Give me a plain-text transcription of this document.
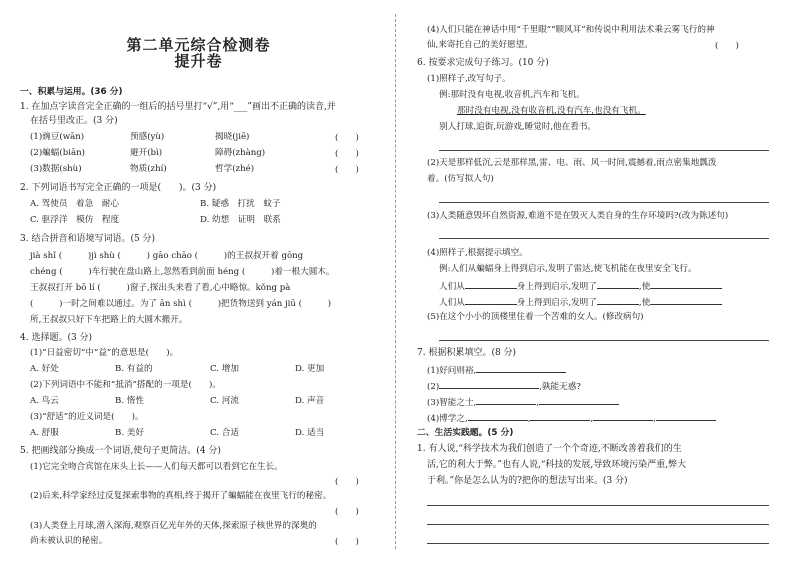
第二单元综合检测卷
提升卷
一、积累与运用。(36 分)
1. 在加点字读音完全正确的一组后的括号里打“√”,用“___”画出不正确的读音,并
在括号里改正。(3 分)
(1)豌豆(wān)	预感(yù)	揭晓(jiē)	(　　)
(2)蝙蝠(biān)	避开(bì)	障碍(zhàng)	(　　)
(3)数据(shù)	物质(zhí)	哲学(zhé)	(　　)
2. 下列词语书写完全正确的一项是(　　)。(3 分)
A. 驾使员　着急　耐心	B. 疑惑　打扰　蚊子
C. 驱浮洋　模仿　程度	D. 幼想　证明　联系
3. 结合拼音和语境写词语。(5 分)
jià shǐ (　　　)jì shù (　　　) gāo chāo (　　　)的王叔叔开着 gōng
chéng (　　　)车行驶在盘山路上,忽然看到前面 héng (　　　)着一根大圆木。
王叔叔打开 bō lí (　　　)窗子,探出头来看了看,心中略惊。kǒng pà
(　　　)一时之间难以通过。为了 ān shì (　　　)把货物送到 yán jiū (　　　)
所,王叔叔只好下车把路上的大圆木搬开。
4. 选择题。(3 分)
(1)“日益密切”中“益”的意思是(　　)。
A. 好处	B. 有益的	C. 增加	D. 更加
(2)下列词语中不能和“抵消”搭配的一项是(　　)。
A. 鸟云	B. 惰性	C. 河流	D. 声音
(3)“舒适”的近义词是(　　)。
A. 舒服	B. 美好	C. 合适	D. 适当
5. 把画线部分换成一个词语,使句子更简洁。(4 分)
(1)它完全吻合宾馆在床头上长——人们每天都可以看到它在生长。
(　　)
(2)后来,科学家经过反复探索事物的真相,终于揭开了蝙蝠能在夜里飞行的秘密。
(　　)
(3)人类登上月球,潜入深海,观察百亿光年外的天体,探索原子核世界的深奥的
尚未被认识的秘密。	(　　)
(4)人们只能在神话中用“千里眼”“顺风耳”和传说中利用法术乘云雾飞行的神
仙,来寄托自己的美好愿望。	(　　)
6. 按要求完成句子练习。(10 分)
(1)照样子,改写句子。
例:那时没有电视,收音机,汽车和飞机。
那时没有电视,没有收音机,没有汽车,也没有飞机。
别人打球,追街,玩游戏,睡觉时,他在看书。
(2)天是那样低沉,云是那样黑,雷、电、雨、风一时间,震撼着,雨点密集地瓢泼
着。(仿写拟人句)
(3)人类随意毁坏自然资源,难道不是在毁灭人类自身的生存环境吗?(改为陈述句)
(4)照样子,根据提示填空。
例:人们从蝙蝠身上得到启示,发明了雷达,使飞机能在夜里安全飞行。
人们从	身上得到启示,发明了	,使
人们从	身上得到启示,发明了	,使
(5)在这个小小的顶楼里住着一个苦难的女人。(修改病句)
7. 根据积累填空。(8 分)
(1)好问则裕,
(2)	,孰能无惑?
(3)智能之士,	,
(4)博学之,	,	,	,
二、生活实践题。(5 分)
1. 有人说,“科学技术为我们创造了一个个奇迹,不断改善着我们的生
活,它的利大于弊。”也有人说,“科技的发展,导致环境污染严重,弊大
于利。”你是怎么认为的?把你的想法写出来。(3 分)
